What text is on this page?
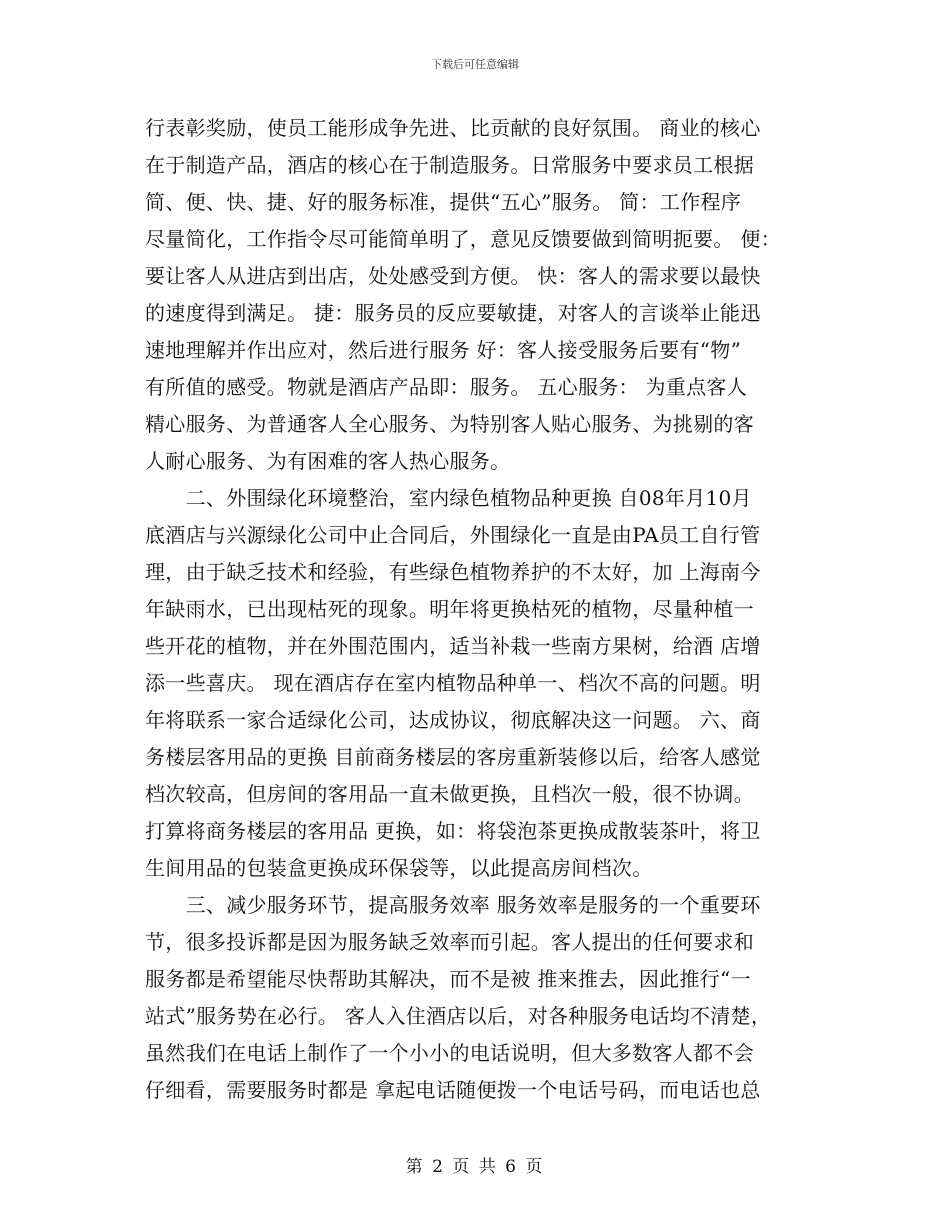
下载后可任意编辑
行表彰奖励，使员工能形成争先进、比贡献的良好氛围。 商业的核心
在于制造产品，酒店的核心在于制造服务。日常服务中要求员工根据
简、便、快、捷、好的服务标准，提供“五心”服务。 简：工作程序
尽量简化，工作指令尽可能简单明了，意见反馈要做到简明扼要。 便：
要让客人从进店到出店，处处感受到方便。 快：客人的需求要以最快
的速度得到满足。 捷：服务员的反应要敏捷，对客人的言谈举止能迅
速地理解并作出应对，然后进行服务 好：客人接受服务后要有“物”
有所值的感受。物就是酒店产品即：服务。 五心服务： 为重点客人
精心服务、为普通客人全心服务、为特别客人贴心服务、为挑剔的客
人耐心服务、为有困难的客人热心服务。
　　二、外围绿化环境整治，室内绿色植物品种更换 自08年月10月
底酒店与兴源绿化公司中止合同后，外围绿化一直是由PA员工自行管
理，由于缺乏技术和经验，有些绿色植物养护的不太好，加 上海南今
年缺雨水，已出现枯死的现象。明年将更换枯死的植物，尽量种植一
些开花的植物，并在外围范围内，适当补栽一些南方果树，给酒 店增
添一些喜庆。 现在酒店存在室内植物品种单一、档次不高的问题。明
年将联系一家合适绿化公司，达成协议，彻底解决这一问题。 六、商
务楼层客用品的更换 目前商务楼层的客房重新装修以后，给客人感觉
档次较高，但房间的客用品一直未做更换，且档次一般，很不协调。
打算将商务楼层的客用品 更换，如：将袋泡茶更换成散装茶叶，将卫
生间用品的包装盒更换成环保袋等，以此提高房间档次。
　　三、减少服务环节，提高服务效率 服务效率是服务的一个重要环
节，很多投诉都是因为服务缺乏效率而引起。客人提出的任何要求和
服务都是希望能尽快帮助其解决，而不是被 推来推去，因此推行“一
站式”服务势在必行。 客人入住酒店以后，对各种服务电话均不清楚，
虽然我们在电话上制作了一个小小的电话说明，但大多数客人都不会
仔细看，需要服务时都是 拿起电话随便拨一个电话号码，而电话也总
第 2 页 共 6 页
